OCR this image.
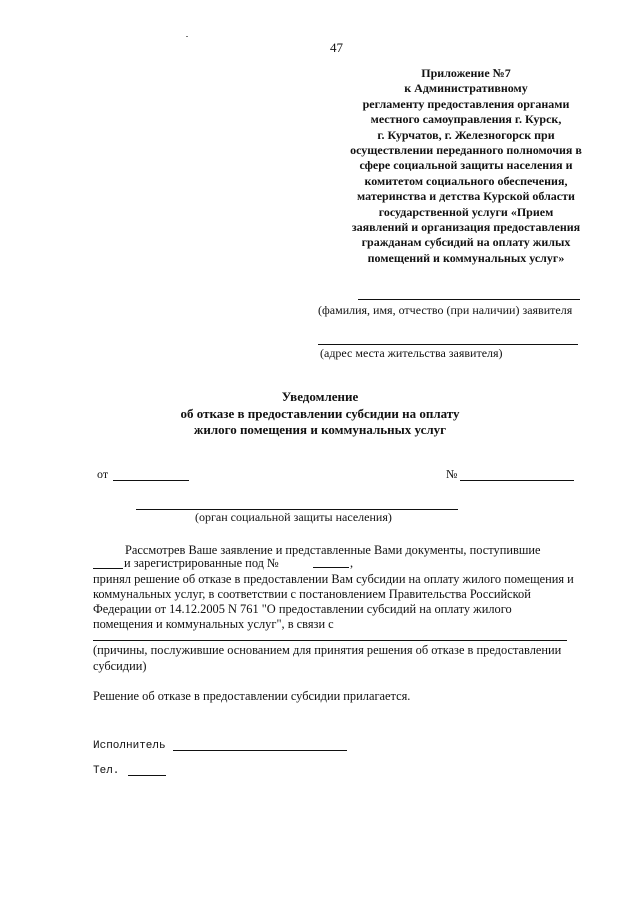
47
Приложение №7
к Административному
регламенту предоставления органами
местного самоуправления г. Курск,
г. Курчатов, г. Железногорск при
осуществлении переданного полномочия в
сфере социальной защиты населения и
комитетом социального обеспечения,
материнства и детства Курской области
государственной услуги «Прием
заявлений и организация предоставления
гражданам субсидий на оплату жилых
помещений и коммунальных услуг»
(фамилия, имя, отчество (при наличии) заявителя
(адрес места жительства заявителя)
Уведомление
об отказе в предоставлении субсидии на оплату
жилого помещения и коммунальных услуг
от	№
(орган социальной защиты населения)
Рассмотрев Ваше заявление и представленные Вами документы, поступившие
и зарегистрированные под №	,
принял решение об отказе в предоставлении Вам субсидии на оплату жилого помещения и
коммунальных услуг, в соответствии с постановлением Правительства Российской
Федерации от 14.12.2005 N 761 "О предоставлении субсидий на оплату жилого
помещения и коммунальных услуг", в связи с
(причины, послужившие основанием для принятия решения об отказе в предоставлении
субсидии)
Решение об отказе в предоставлении субсидии прилагается.
Исполнитель
Тел.
